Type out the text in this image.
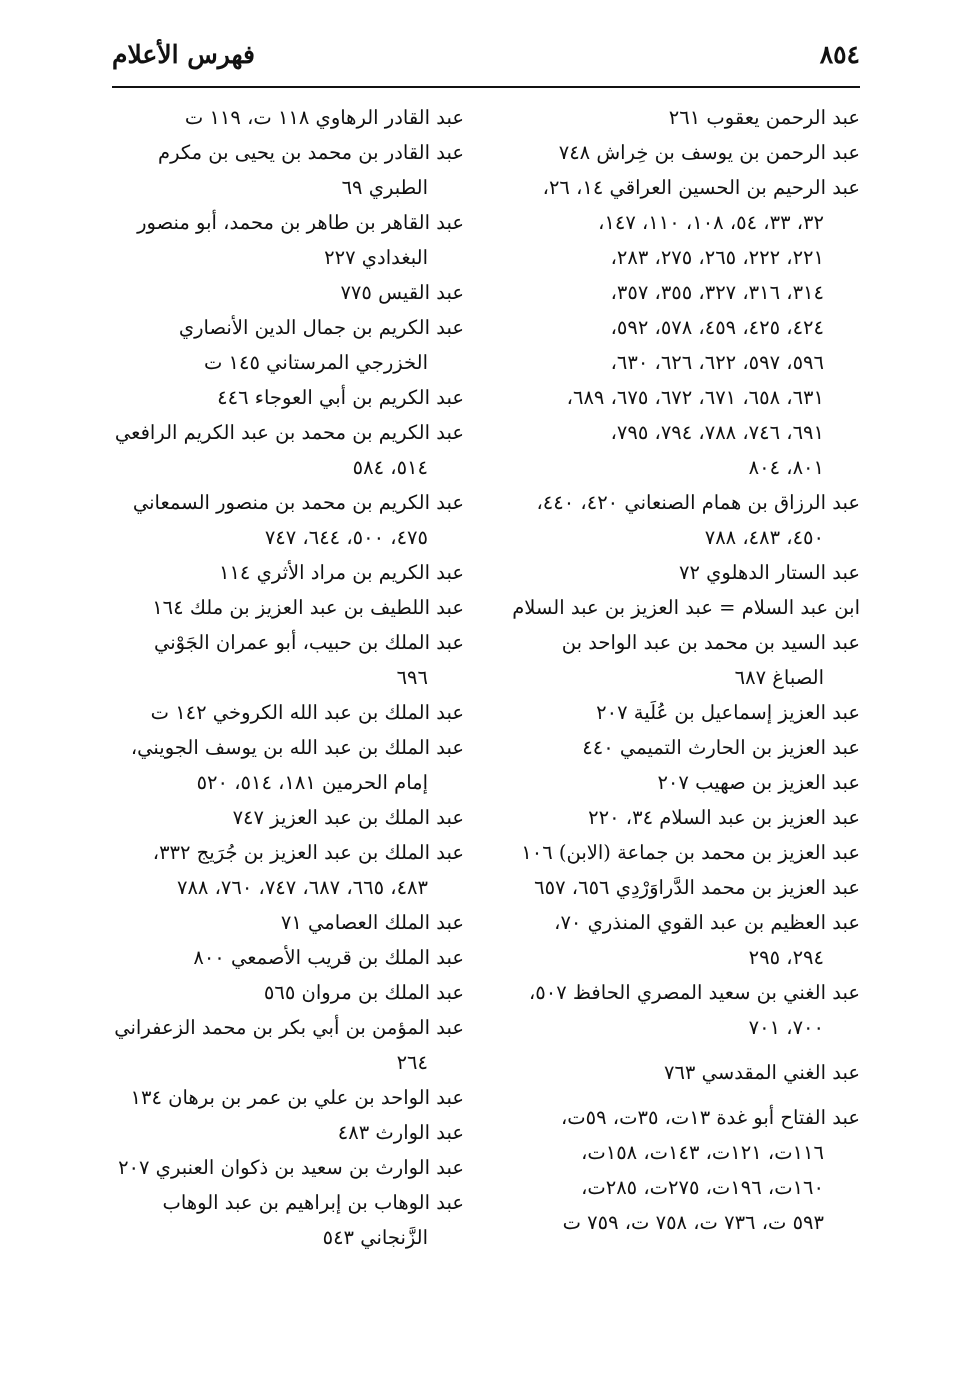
٨٥٤
فهرس الأعلام
عبد الرحمن يعقوب ٢٦١
عبد الرحمن بن يوسف بن خِراش ٧٤٨
عبد الرحيم بن الحسين العراقي ١٤، ٢٦،
٣٢، ٣٣، ٥٤، ١٠٨، ١١٠، ١٤٧،
٢٢١، ٢٢٢، ٢٦٥، ٢٧٥، ٢٨٣،
٣١٤، ٣١٦، ٣٢٧، ٣٥٥، ٣٥٧،
٤٢٤، ٤٢٥، ٤٥٩، ٥٧٨، ٥٩٢،
٥٩٦، ٥٩٧، ٦٢٢، ٦٢٦، ٦٣٠،
٦٣١، ٦٥٨، ٦٧١، ٦٧٢، ٦٧٥، ٦٨٩،
٦٩١، ٧٤٦، ٧٨٨، ٧٩٤، ٧٩٥،
٨٠١، ٨٠٤
عبد الرزاق بن همام الصنعاني ٤٢٠، ٤٤٠،
٤٥٠، ٤٨٣، ٧٨٨
عبد الستار الدهلوي ٧٢
ابن عبد السلام = عبد العزيز بن عبد السلام
عبد السيد بن محمد بن عبد الواحد بن
الصباغ ٦٨٧
عبد العزيز إسماعيل بن عُلَية ٢٠٧
عبد العزيز بن الحارث التميمي ٤٤٠
عبد العزيز بن صهيب ٢٠٧
عبد العزيز بن عبد السلام ٣٤، ٢٢٠
عبد العزيز بن محمد بن جماعة (الابن) ١٠٦
عبد العزيز بن محمد الدَّراوَرْدِي ٦٥٦، ٦٥٧
عبد العظيم بن عبد القوي المنذري ٧٠،
٢٩٤، ٢٩٥
عبد الغني بن سعيد المصري الحافظ ٥٠٧،
٧٠٠، ٧٠١
عبد الغني المقدسي ٧٦٣
عبد الفتاح أبو غدة ١٣ت، ٣٥ت، ٥٩ت،
١١٦ت، ١٢١ت، ١٤٣ت، ١٥٨ت،
١٦٠ت، ١٩٦ت، ٢٧٥ت، ٢٨٥ت،
٥٩٣ ت، ٧٣٦ ت، ٧٥٨ ت، ٧٥٩ ت
عبد القادر الرهاوي ١١٨ ت، ١١٩ ت
عبد القادر بن محمد بن يحيى بن مكرم
الطبري ٦٩
عبد القاهر بن طاهر بن محمد، أبو منصور
البغدادي ٢٢٧
عبد القيس ٧٧٥
عبد الكريم بن جمال الدين الأنصاري
الخزرجي المرستاني ١٤٥ ت
عبد الكريم بن أبي العوجاء ٤٤٦
عبد الكريم بن محمد بن عبد الكريم الرافعي
٥١٤، ٥٨٤
عبد الكريم بن محمد بن منصور السمعاني
٤٧٥، ٥٠٠، ٦٤٤، ٧٤٧
عبد الكريم بن مراد الأثري ١١٤
عبد اللطيف بن عبد العزيز بن ملك ١٦٤
عبد الملك بن حبيب، أبو عمران الجَوْني
٦٩٦
عبد الملك بن عبد الله الكروخي ١٤٢ ت
عبد الملك بن عبد الله بن يوسف الجويني،
إمام الحرمين ١٨١، ٥١٤، ٥٢٠
عبد الملك بن عبد العزيز ٧٤٧
عبد الملك بن عبد العزيز بن جُرَيج ٣٣٢،
٤٨٣، ٦٦٥، ٦٨٧، ٧٤٧، ٧٦٠، ٧٨٨
عبد الملك العصامي ٧١
عبد الملك بن قريب الأصمعي ٨٠٠
عبد الملك بن مروان ٥٦٥
عبد المؤمن بن أبي بكر بن محمد الزعفراني
٢٦٤
عبد الواحد بن علي بن عمر بن برهان ١٣٤
عبد الوارث ٤٨٣
عبد الوارث بن سعيد بن ذكوان العنبري ٢٠٧
عبد الوهاب بن إبراهيم بن عبد الوهاب
الزَّنجاني ٥٤٣
